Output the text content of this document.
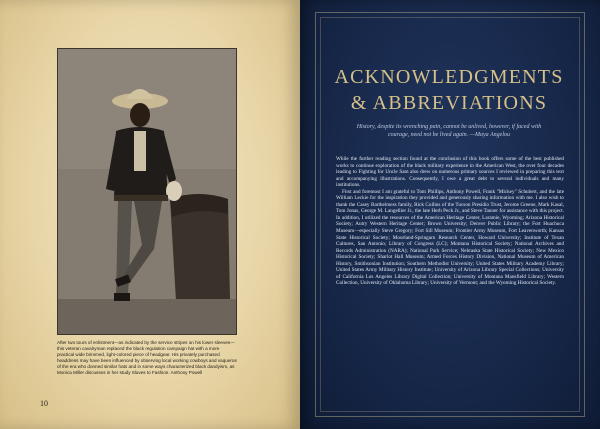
After two tours of enlistment—as indicated by the service stripes on his lower sleeves—this veteran cavalryman replaced the black regulation campaign hat with a more practical wide brimmed, light-colored piece of headgear. His privately purchased headdress may have been influenced by observing local working cowboys and vaqueros of the era who donned similar hats and in some ways characterized black dandyism, as Monica Miller discusses in her study Slaves to Fashion. Anthony Powell

10
ACKNOWLEDGMENTS
& ABBREVIATIONS

History, despite its wrenching pain, cannot be unlived, however, if faced with courage, need not be lived again. —Maya Angelou

While the further reading section found at the conclusion of this book offers some of the best published works to continue exploration of the black military experience in the American West, the over four decades leading to Fighting for Uncle Sam also drew on numerous primary sources I reviewed in preparing this text and accompanying illustrations. Consequently, I owe a great debt to several individuals and many institutions.

First and foremost I am grateful to Tom Phillips, Anthony Powell, Frank "Mickey" Schubert, and the late William Leckie for the inspiration they provided and generously sharing information with me. I also wish to thank the Casey Barthelmess family, Rick Collins of the Tucson Presidio Trust, Jerome Greene, Mark Kasal, Tom Jonas, George M. Langellier Jr., the late Herb Peck Jr., and Steve Tanner for assistance with this project. In addition, I utilized the resources of the American Heritage Center, Laramie, Wyoming; Arizona Historical Society; Autry Western Heritage Center; Brown University; Denver Public Library; the Fort Huachuca Museum—especially Steve Gregory; Fort Sill Museum; Frontier Army Museum, Fort Leavenworth; Kansas State Historical Society; Moorland-Springarn Research Center, Howard University; Institute of Texan Cultures, San Antonio; Library of Congress (LC); Montana Historical Society; National Archives and Records Administration (NARA); National Park Service; Nebraska State Historical Society; New Mexico Historical Society; Sharlot Hall Museum; Armed Forces History Division, National Museum of American History, Smithsonian Institution; Southern Methodist University; United States Military Academy Library; United States Army Military History Institute; University of Arizona Library Special Collections; University of California Los Angeles Library Digital Collection; University of Montana Mansfield Library; Western Collection, University of Oklahoma Library; University of Vermont; and the Wyoming Historical Society.
